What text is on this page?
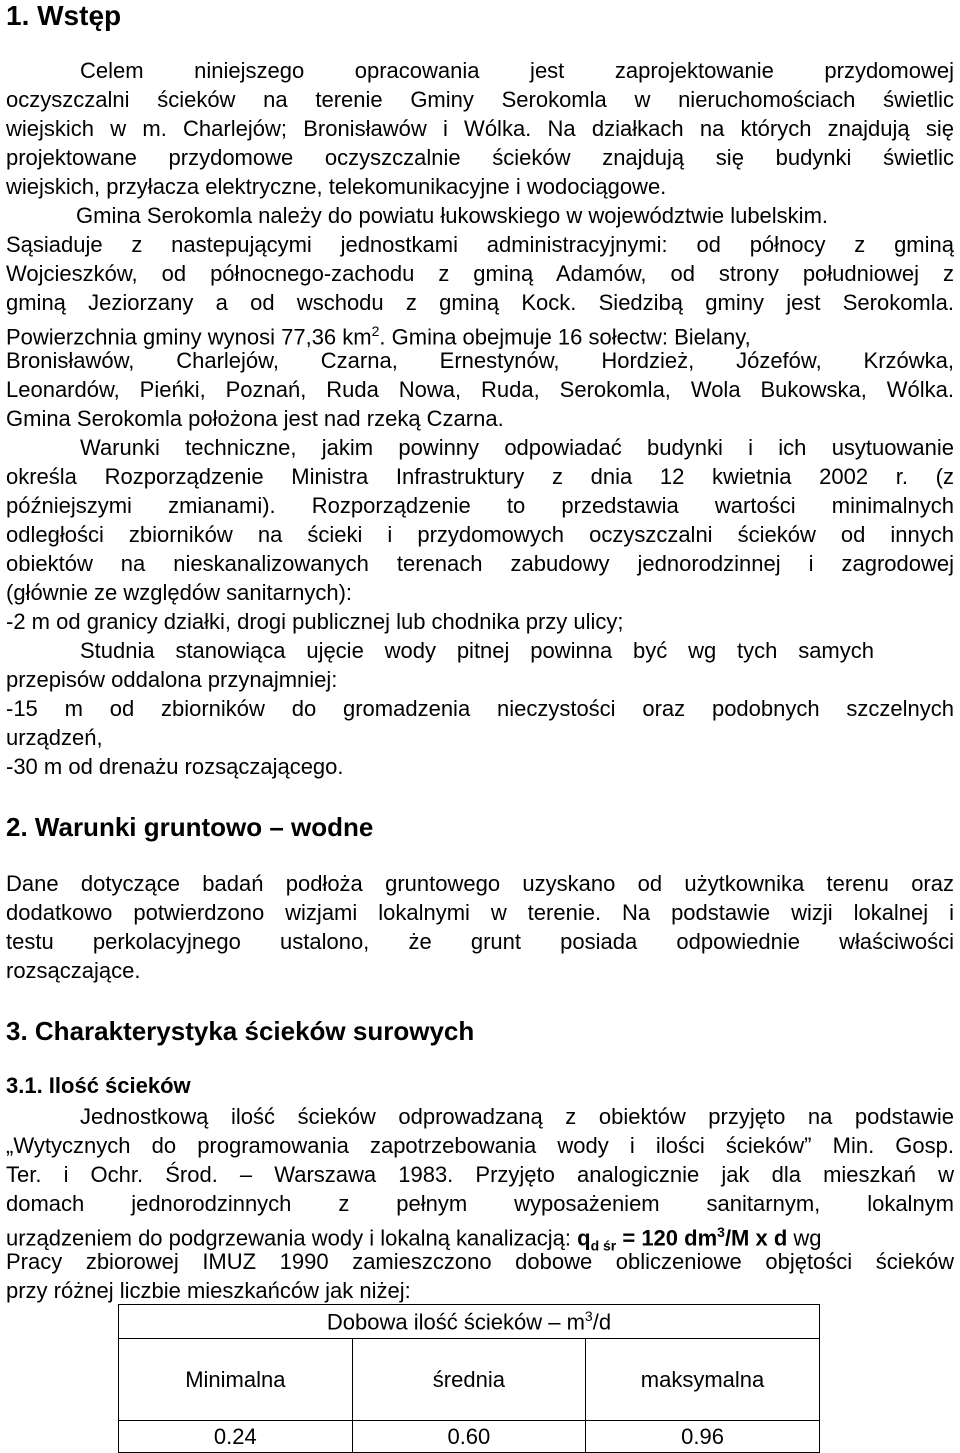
1. Wstęp
Celem niniejszego opracowania jest zaprojektowanie przydomowej
oczyszczalni ścieków na terenie Gminy Serokomla w nieruchomościach świetlic
wiejskich w m. Charlejów; Bronisławów i Wólka. Na działkach na których znajdują się
projektowane przydomowe oczyszczalnie ścieków znajdują się budynki świetlic
wiejskich, przyłacza elektryczne, telekomunikacyjne i wodociągowe.
Gmina Serokomla należy do powiatu łukowskiego w województwie lubelskim.
Sąsiaduje z nastepującymi jednostkami administracyjnymi: od północy z gminą
Wojcieszków, od północnego-zachodu z gminą Adamów, od strony południowej z
gminą Jeziorzany a od wschodu z gminą Kock. Siedzibą gminy jest Serokomla.
Powierzchnia gminy wynosi 77,36 $km^2$. Gmina obejmuje 16 sołectw: Bielany,
Bronisławów, Charlejów, Czarna, Ernestynów, Hordzież, Józefów, Krzówka,
Leonardów, Pieńki, Poznań, Ruda Nowa, Ruda, Serokomla, Wola Bukowska, Wólka.
Gmina Serokomla położona jest nad rzeką Czarna.
Warunki techniczne, jakim powinny odpowiadać budynki i ich usytuowanie
określa Rozporządzenie Ministra Infrastruktury z dnia 12 kwietnia 2002 r. (z
późniejszymi zmianami). Rozporządzenie to przedstawia wartości minimalnych
odległości zbiorników na ścieki i przydomowych oczyszczalni ścieków od innych
obiektów na nieskanalizowanych terenach zabudowy jednorodzinnej i zagrodowej
(głównie ze względów sanitarnych):
-2 m od granicy działki, drogi publicznej lub chodnika przy ulicy;
Studnia stanowiąca ujęcie wody pitnej powinna być wg tych samych
przepisów oddalona przynajmniej:
-15 m od zbiorników do gromadzenia nieczystości oraz podobnych szczelnych
urządzeń,
-30 m od drenażu rozsączającego.
2. Warunki gruntowo – wodne
Dane dotyczące badań podłoża gruntowego uzyskano od użytkownika terenu oraz
dodatkowo potwierdzono wizjami lokalnymi w terenie. Na podstawie wizji lokalnej i
testu perkolacyjnego ustalono, że grunt posiada odpowiednie właściwości
rozsączające.
3. Charakterystyka ścieków surowych
3.1. Ilość ścieków
Jednostkową ilość ścieków odprowadzaną z obiektów przyjęto na podstawie
„Wytycznych do programowania zapotrzebowania wody i ilości ścieków” Min. Gosp.
Ter. i Ochr. Środ. – Warszawa 1983. Przyjęto analogicznie jak dla mieszkań w
domach jednorodzinnych z pełnym wyposażeniem sanitarnym, lokalnym
urządzeniem do podgrzewania wody i lokalną kanalizacją: $q_{d śr} = 120$ $dm^3/M$ x d wg
Pracy zbiorowej IMUZ 1990 zamieszczono dobowe obliczeniowe objętości ścieków
przy różnej liczbie mieszkańców jak niżej:
Dobowa ilość ścieków – $m^3/d$		
Minimalna	średnia	maksymalna
0.24	0.60	0.96
